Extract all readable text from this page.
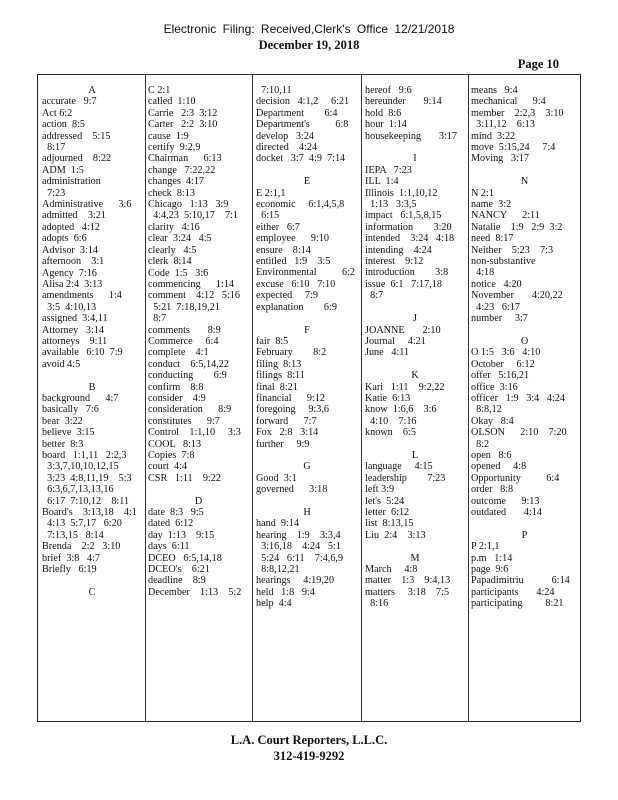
Electronic Filing: Received,Clerk's Office 12/21/2018
December 19, 2018
Page 10
A
accurate   9:7
Act 6:2
action  8:5
addressed    5:15
8:17
adjourned    8:22
ADM  1:5
administration
7:23
Administrative      3:6
admitted    3:21
adopted   4:12
adopts  6:6
Advisor  3:14
afternoon    3:1
Agency  7:16
Alisa 2:4  3:13
amendments      1:4
3:5  4:10,13
assigned  3:4,11
Attorney   3:14
attorneys    9:11
available   6:10  7:9
avoid 4:5
B
background      4:7
basically   7:6
bear  3:22
believe  3:15
better  8:3
board   1:1,11   2:2,3
3:3,7,10,10,12,15
3:23  4:8,11,19    5:3
6:3,6,7,13,13,16
6:17  7:10,12    8:11
Board's    3:13,18    4:1
4:13  5:7,17   6:20
7:13,15   8:14
Brenda    2:2   3:10
brief  3:8   4:7
Briefly   6:19
C
C 2:1
called  1:10
Carrie   2:3  3:12
Carter   2:2  3:10
cause  1:9
certify  9:2,9
Chairman      6:13
change   7:22,22
changes  4:17
check  8:13
Chicago   1:13   3:9
4:4,23  5:10,17    7:1
clarity   4:16
clear  3:24   4:5
clearly   4:5
clerk  8:14
Code  1:5   3:6
commencing      1:14
comment    4:12   5:16
5:21  7:18,19,21
8:7
comments       8:9
Commerce     6:4
complete    4:1
conduct    6:5,14,22
conducting        6:9
confirm    8:8
consider    4:9
consideration      8:9
constitutes      9:7
Control    1:1,10     3:3
COOL   8:13
Copies  7:8
court  4:4
CSR   1:11    9:22
D
date  8:3   9:5
dated  6:12
day  1:13    9:15
days  6:11
DCEO   6:5,14,18
DCEO's    6:21
deadline    8:9
December    1:13    5:2
7:10,11
decision   4:1,2     6:21
Department        6:4
Department's          6:8
develop   3:24
directed    4:24
docket   3:7  4:9  7:14
E
E 2:1,1
economic     6:1,4,5,8
6:15
either   6:7
employee      9:10
ensure    8:14
entitled   1:9    3:5
Environmental          6:2
excuse   6:10   7:10
expected     7:9
explanation        6:9
F
fair  8:5
February        8:2
filing  8:13
filings  8:11
final  8:21
financial      9:12
foregoing     9:3,6
forward      7:7
Fox   2:8   3:14
further     9:9
G
Good  3:1
governed      3:18
H
hand  9:14
hearing    1:9    3:3,4
3:16,18    4:24   5:1
5:24   6:11    7:4,6,9
8:8,12,21
hearings     4:19,20
held   1:8   9:4
help  4:4
hereof   9:6
hereunder       9:14
hold  8:6
hour  1:14
housekeeping       3:17
I
IEPA   7:23
ILL  1:4
Illinois  1:1,10,12
1:13   3:3,5
impact   6:1,5,8,15
information        3:20
intended    3:24   4:18
intending    4:24
interest    9:12
introduction        3:8
issue  6:1   7:17,18
8:7
J
JOANNE       2:10
Journal     4:21
June   4:11
K
Kari   1:11    9:2,22
Katie  6:13
know  1:6,6    3:6
4:10    7:16
known    6:5
L
language     4:15
leadership        7:23
left 3:9
let's  5:24
letter  6:12
list  8:13,15
Liu  2:4    3:13
M
March     4:8
matter    1:3    9:4,13
matters     3:18    7:5
8:16
means   9:4
mechanical      9:4
member    2:2,3    3:10
3:11,12    6:13
mind  3:22
move  5:15,24     7:4
Moving   3:17
N
N 2:1
name  3:2
NANCY      2:11
Natalie    1:9   2:9  3:2
need  8:17
Neither    5:23    7:3
non-substantive
4:18
notice   4:20
November       4:20,22
4:23   6:17
number     3:7
O
O 1:5   3:6   4:10
October     6:12
offer   5:16,21
office  3:16
officer   1:9   3:4   4:24
8:8,12
Okay   8:4
OLSON      2:10    7:20
8:2
open   8:6
opened     4:8
Opportunity          6:4
order   8:8
outcome      9:13
outdated       4:14
P
P 2:1,1
p.m   1:14
page  9:6
Papadimitriu           6:14
participants       4:24
participating         8:21
L.A. Court Reporters, L.L.C.
312-419-9292
